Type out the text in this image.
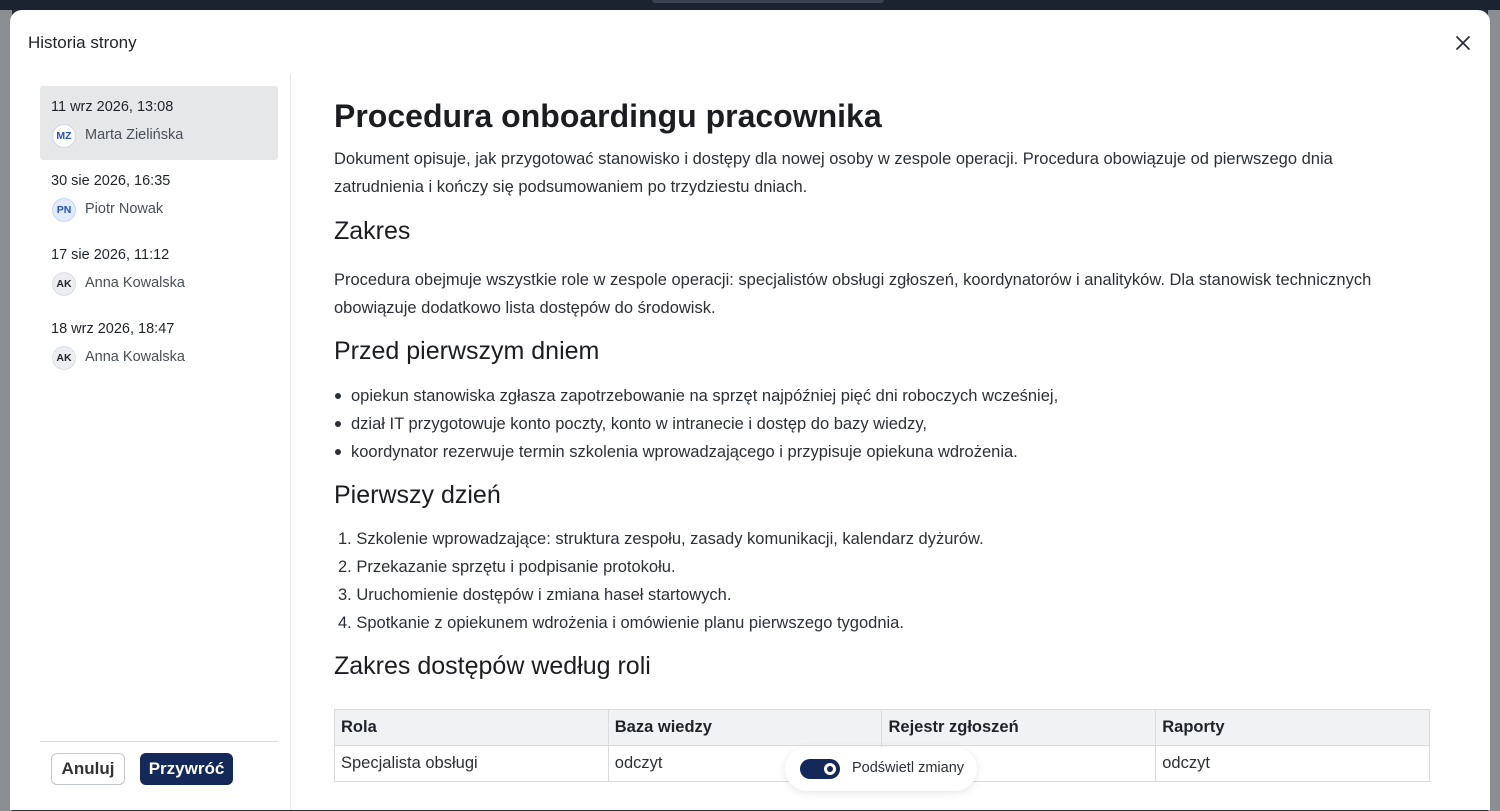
Historia strony
11 wrz 2026, 13:08
MZ Marta Zielińska
30 sie 2026, 16:35
PN Piotr Nowak
17 sie 2026, 11:12
AK Anna Kowalska
18 wrz 2026, 18:47
AK Anna Kowalska
Anuluj	Przywróć
Procedura onboardingu pracownika
Dokument opisuje, jak przygotować stanowisko i dostępy dla nowej osoby w zespole operacji. Procedura obowiązuje od pierwszego dnia zatrudnienia i kończy się podsumowaniem po trzydziestu dniach.
Zakres
Procedura obejmuje wszystkie role w zespole operacji: specjalistów obsługi zgłoszeń, koordynatorów i analityków. Dla stanowisk technicznych obowiązuje dodatkowo lista dostępów do środowisk.
Przed pierwszym dniem
opiekun stanowiska zgłasza zapotrzebowanie na sprzęt najpóźniej pięć dni roboczych wcześniej,
dział IT przygotowuje konto poczty, konto w intranecie i dostęp do bazy wiedzy,
koordynator rezerwuje termin szkolenia wprowadzającego i przypisuje opiekuna wdrożenia.
Pierwszy dzień
1. Szkolenie wprowadzające: struktura zespołu, zasady komunikacji, kalendarz dyżurów.
2. Przekazanie sprzętu i podpisanie protokołu.
3. Uruchomienie dostępów i zmiana haseł startowych.
4. Spotkanie z opiekunem wdrożenia i omówienie planu pierwszego tygodnia.
Zakres dostępów według roli
Rola	Baza wiedzy	Rejestr zgłoszeń	Raporty
Specjalista obsługi	odczyt		odczyt
Podświetl zmiany
